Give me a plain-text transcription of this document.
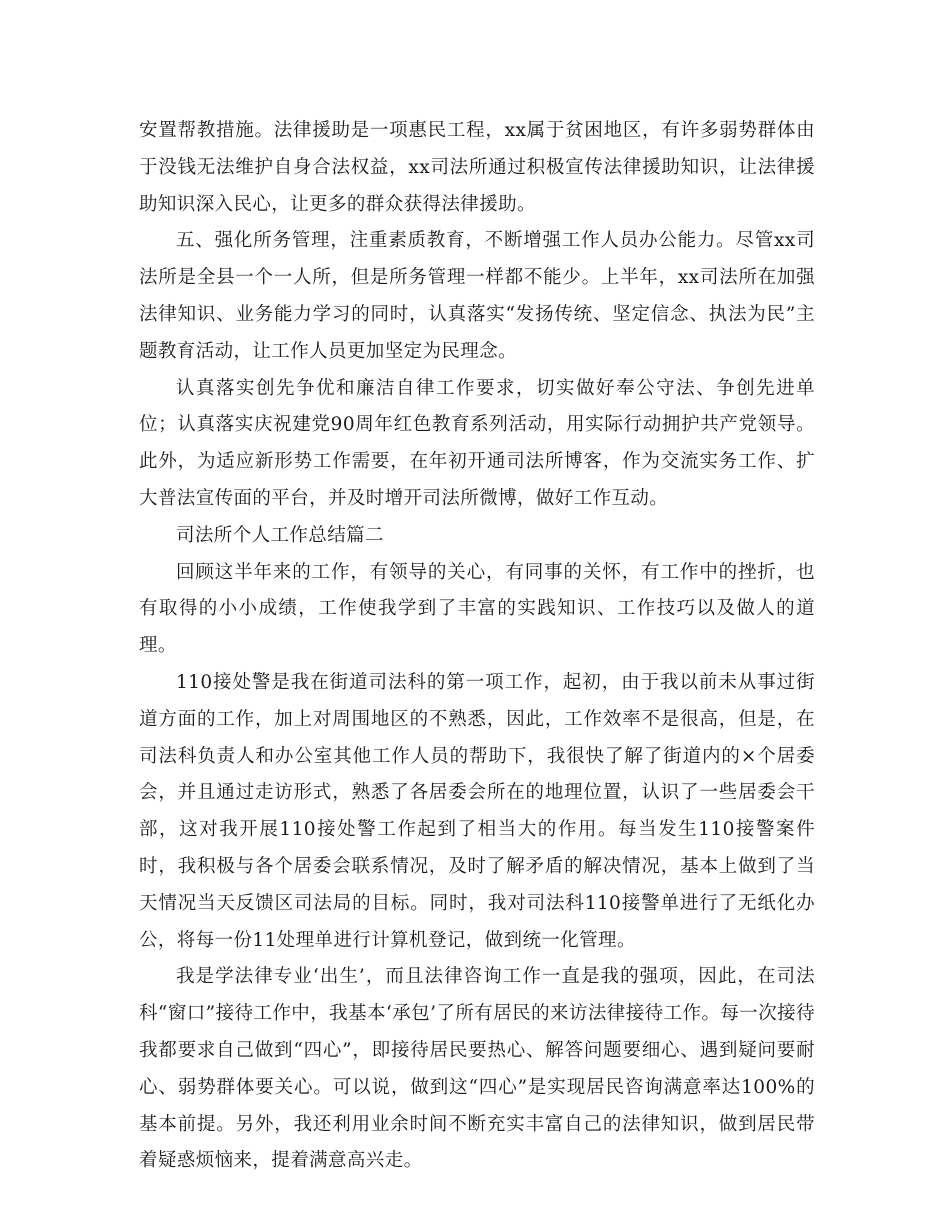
安置帮教措施。法律援助是一项惠民工程，xx属于贫困地区，有许多弱势群体由于没钱无法维护自身合法权益，xx司法所通过积极宣传法律援助知识，让法律援助知识深入民心，让更多的群众获得法律援助。

五、强化所务管理，注重素质教育，不断增强工作人员办公能力。尽管xx司法所是全县一个一人所，但是所务管理一样都不能少。上半年，xx司法所在加强法律知识、业务能力学习的同时，认真落实“发扬传统、坚定信念、执法为民”主题教育活动，让工作人员更加坚定为民理念。

认真落实创先争优和廉洁自律工作要求，切实做好奉公守法、争创先进单位；认真落实庆祝建党90周年红色教育系列活动，用实际行动拥护共产党领导。此外，为适应新形势工作需要，在年初开通司法所博客，作为交流实务工作、扩大普法宣传面的平台，并及时增开司法所微博，做好工作互动。

司法所个人工作总结篇二

回顾这半年来的工作，有领导的关心，有同事的关怀，有工作中的挫折，也有取得的小小成绩，工作使我学到了丰富的实践知识、工作技巧以及做人的道理。

110接处警是我在街道司法科的第一项工作，起初，由于我以前未从事过街道方面的工作，加上对周围地区的不熟悉，因此，工作效率不是很高，但是，在司法科负责人和办公室其他工作人员的帮助下，我很快了解了街道内的×个居委会，并且通过走访形式，熟悉了各居委会所在的地理位置，认识了一些居委会干部，这对我开展110接处警工作起到了相当大的作用。每当发生110接警案件时，我积极与各个居委会联系情况，及时了解矛盾的解决情况，基本上做到了当天情况当天反馈区司法局的目标。同时，我对司法科110接警单进行了无纸化办公，将每一份11处理单进行计算机登记，做到统一化管理。

我是学法律专业‘出生’，而且法律咨询工作一直是我的强项，因此，在司法科“窗口”接待工作中，我基本‘承包’了所有居民的来访法律接待工作。每一次接待我都要求自己做到“四心”，即接待居民要热心、解答问题要细心、遇到疑问要耐心、弱势群体要关心。可以说，做到这“四心”是实现居民咨询满意率达100%的基本前提。另外，我还利用业余时间不断充实丰富自己的法律知识，做到居民带着疑惑烦恼来，提着满意高兴走。
